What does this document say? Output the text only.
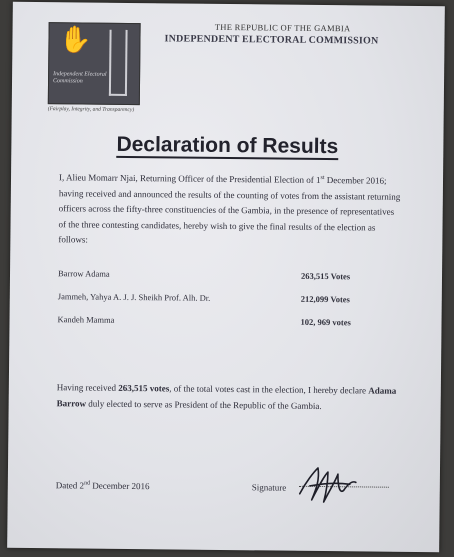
✋
Independent Electoral Commission
(Fairplay, Integrity, and Transparency)
THE REPUBLIC OF THE GAMBIA
INDEPENDENT ELECTORAL COMMISSION
Declaration of Results
I, Alieu Momarr Njai, Returning Officer of the Presidential Election of 1st December 2016; having received and announced the results of the counting of votes from the assistant returning officers across the fifty-three constituencies of the Gambia, in the presence of representatives of the three contesting candidates, hereby wish to give the final results of the election as follows:
Barrow Adama	263,515 Votes
Jammeh, Yahya A. J. J. Sheikh Prof. Alh. Dr.	212,099 Votes
Kandeh Mamma	102, 969 votes
Having received 263,515 votes, of the total votes cast in the election, I hereby declare Adama Barrow duly elected to serve as President of the Republic of the Gambia.
Dated 2nd December 2016	Signature
